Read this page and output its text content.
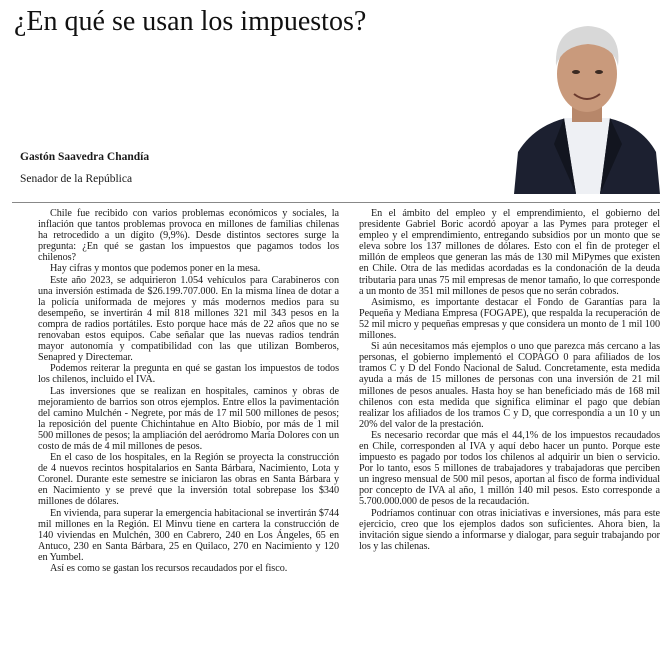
¿En qué se usan los impuestos?
Gastón Saavedra Chandía
Senador de la República

Chile fue recibido con varios problemas económicos y sociales, la inflación que tantos problemas provoca en millones de familias chilenas ha retrocedido a un dígito (9,9%). Desde distintos sectores surge la pregunta: ¿En qué se gastan los impuestos que pagamos todos los chilenos?

Hay cifras y montos que podemos poner en la mesa.

Este año 2023, se adquirieron 1.054 vehículos para Carabineros con una inversión estimada de $26.199.707.000. En la misma línea de dotar a la policía uniformada de mejores y más modernos medios para su desempeño, se invertirán 4 mil 818 millones 321 mil 343 pesos en la compra de radios portátiles. Esto porque hace más de 22 años que no se renovaban estos equipos. Cabe señalar que las nuevas radios tendrán mayor autonomía y compatibilidad con las que utilizan Bomberos, Senapred y Directemar.

Podemos reiterar la pregunta en qué se gastan los impuestos de todos los chilenos, incluido el IVA.

Las inversiones que se realizan en hospitales, caminos y obras de mejoramiento de barrios son otros ejemplos. Entre ellos la pavimentación del camino Mulchén - Negrete, por más de 17 mil 500 millones de pesos; la reposición del puente Chichintahue en Alto Biobío, por más de 1 mil 500 millones de pesos; la ampliación del aeródromo María Dolores con un costo de más de 4 mil millones de pesos.

En el caso de los hospitales, en la Región se proyecta la construcción de 4 nuevos recintos hospitalarios en Santa Bárbara, Nacimiento, Lota y Coronel. Durante este semestre se iniciaron las obras en Santa Bárbara y en Nacimiento y se prevé que la inversión total sobrepase los $340 millones de dólares.

En vivienda, para superar la emergencia habitacional se invertirán $744 mil millones en la Región. El Minvu tiene en cartera la construcción de 140 viviendas en Mulchén, 300 en Cabrero, 240 en Los Ángeles, 65 en Antuco, 230 en Santa Bárbara, 25 en Quilaco, 270 en Nacimiento y 120 en Yumbel.

Así es como se gastan los recursos recaudados por el fisco.

En el ámbito del empleo y el emprendimiento, el gobierno del presidente Gabriel Boric acordó apoyar a las Pymes para proteger el empleo y el emprendimiento, entregando subsidios por un monto que se eleva sobre los 137 millones de dólares. Esto con el fin de proteger el millón de empleos que generan las más de 130 mil MiPymes que existen en Chile. Otra de las medidas acordadas es la condonación de la deuda tributaria para unas 75 mil empresas de menor tamaño, lo que corresponde a un monto de 351 mil millones de pesos que no serán cobrados.

Asimismo, es importante destacar el Fondo de Garantías para la Pequeña y Mediana Empresa (FOGAPE), que respalda la recuperación de 52 mil micro y pequeñas empresas y que considera un monto de 1 mil 100 millones.

Si aún necesitamos más ejemplos o uno que parezca más cercano a las personas, el gobierno implementó el COPAGO 0 para afiliados de los tramos C y D del Fondo Nacional de Salud. Concretamente, esta medida ayuda a más de 15 millones de personas con una inversión de 21 mil millones de pesos anuales. Hasta hoy se han beneficiado más de 168 mil chilenos con esta medida que significa eliminar el pago que debían realizar los afiliados de los tramos C y D, que correspondía a un 10 y un 20% del valor de la prestación.

Es necesario recordar que más el 44,1% de los impuestos recaudados en Chile, corresponden al IVA y aquí debo hacer un punto. Porque este impuesto es pagado por todos los chilenos al adquirir un bien o servicio. Por lo tanto, esos 5 millones de trabajadores y trabajadoras que perciben un ingreso mensual de 500 mil pesos, aportan al fisco de forma individual por concepto de IVA al año, 1 millón 140 mil pesos. Esto corresponde a 5.700.000.000 de pesos de la recaudación.

Podríamos continuar con otras iniciativas e inversiones, más para este ejercicio, creo que los ejemplos dados son suficientes. Ahora bien, la invitación sigue siendo a informarse y dialogar, para seguir trabajando por los y las chilenas.
